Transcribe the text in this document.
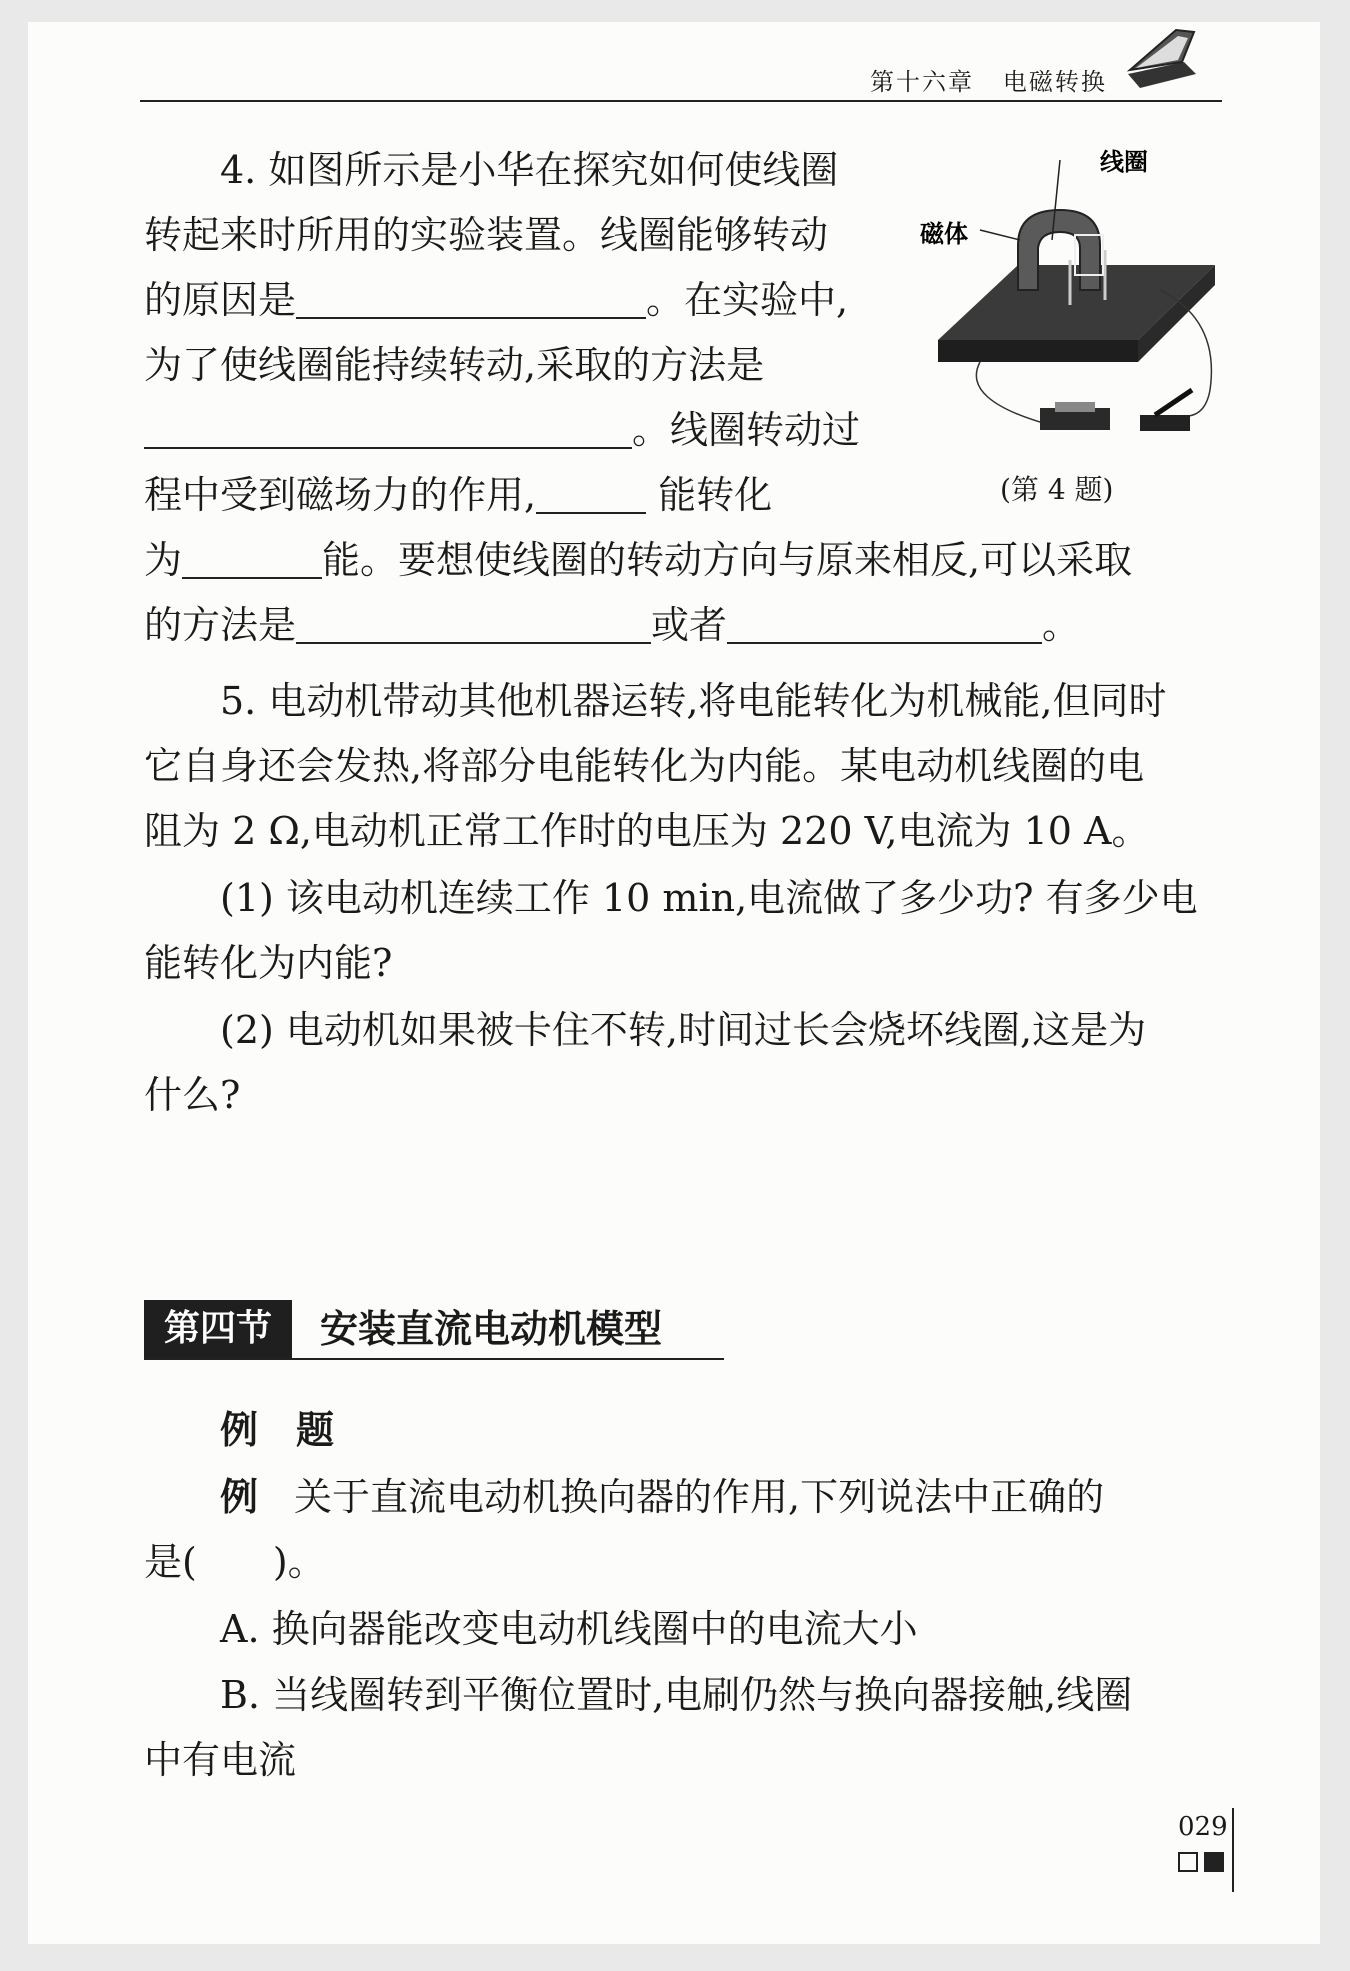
第十六章 电磁转换
4. 如图所示是小华在探究如何使线圈
转起来时所用的实验装置。线圈能够转动
的原因是	。在实验中,
为了使线圈能持续转动,采取的方法是
。线圈转动过
程中受到磁场力的作用,	能转化
为	能。要想使线圈的转动方向与原来相反,可以采取
的方法是	或者	。
线圈
磁体
(第 4 题)
5. 电动机带动其他机器运转,将电能转化为机械能,但同时
它自身还会发热,将部分电能转化为内能。某电动机线圈的电
阻为 2 Ω,电动机正常工作时的电压为 220 V,电流为 10 A。
(1) 该电动机连续工作 10 min,电流做了多少功? 有多少电
能转化为内能?
(2) 电动机如果被卡住不转,时间过长会烧坏线圈,这是为
什么?
第四节	安装直流电动机模型
例　题
例 关于直流电动机换向器的作用,下列说法中正确的
是(　　)。
A. 换向器能改变电动机线圈中的电流大小
B. 当线圈转到平衡位置时,电刷仍然与换向器接触,线圈
中有电流
029
